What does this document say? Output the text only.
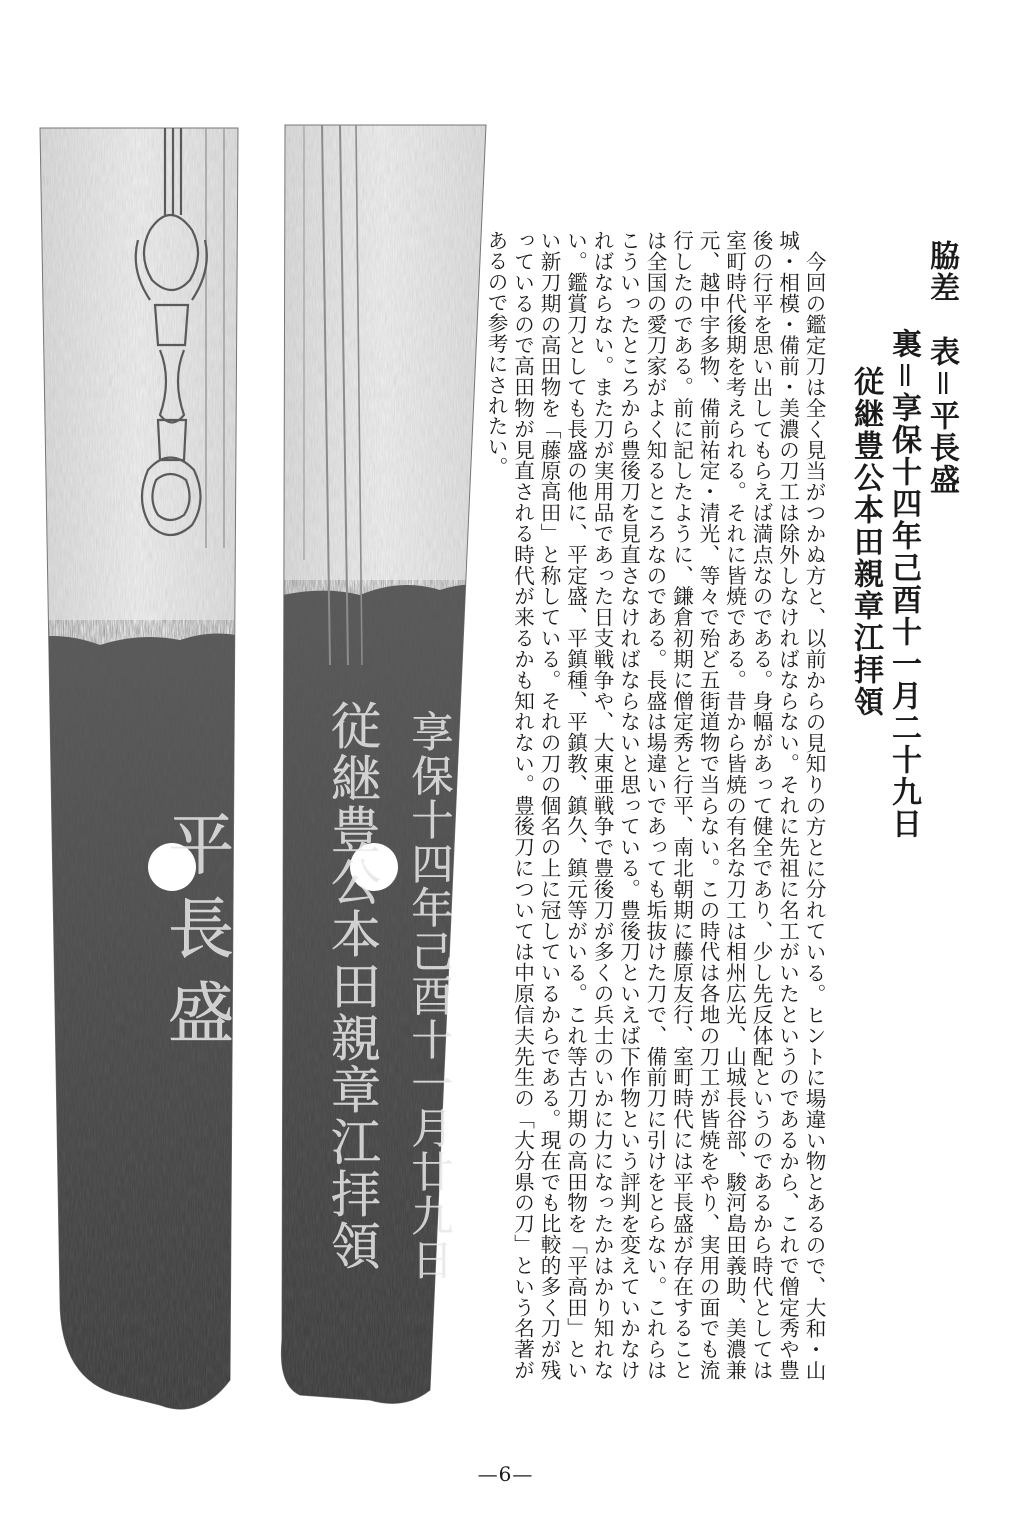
平長盛	享保十四年己酉十一月廿九日
従継豊公本田親章江拝領
脇差　表＝平長盛
裏＝享保十四年己酉十一月二十九日
従継豊公本田親章江拝領

今回の鑑定刀は全く見当がつかぬ方と、以前からの見知りの方とに分れている。ヒントに場違い物とあるので、大和・山城・相模・備前・美濃の刀工は除外しなければならない。それに先祖に名工がいたというのであるから、これで僧定秀や豊後の行平を思い出してもらえば満点なのである。身幅があって健全であり、少し先反体配というのであるから時代としては室町時代後期を考えられる。それに皆焼である。昔から皆焼の有名な刀工は相州広光、山城長谷部、駿河島田義助、美濃兼元、越中宇多物、備前祐定・清光、等々で殆ど五街道物で当らない。この時代は各地の刀工が皆焼をやり、実用の面でも流行したのである。前に記したように、鎌倉初期に僧定秀と行平、南北朝期に藤原友行、室町時代には平長盛が存在することは全国の愛刀家がよく知るところなのである。長盛は場違いであっても垢抜けた刀で、備前刀に引けをとらない。これらはこういったところから豊後刀を見直さなければならないと思っている。豊後刀といえば下作物という評判を変えていかなければならない。また刀が実用品であった日支戦争や、大東亜戦争で豊後刀が多くの兵士のいかに力になったかはかり知れない。鑑賞刀としても長盛の他に、平定盛、平鎮種、平鎮教、鎮久、鎮元等がいる。これ等古刀期の高田物を「平高田」といい新刀期の高田物を「藤原高田」と称している。それの刀の個名の上に冠しているからである。現在でも比較的多く刀が残っているので高田物が見直される時代が来るかも知れない。豊後刀については中原信夫先生の「大分県の刀」という名著があるので参考にされたい。

—6—
